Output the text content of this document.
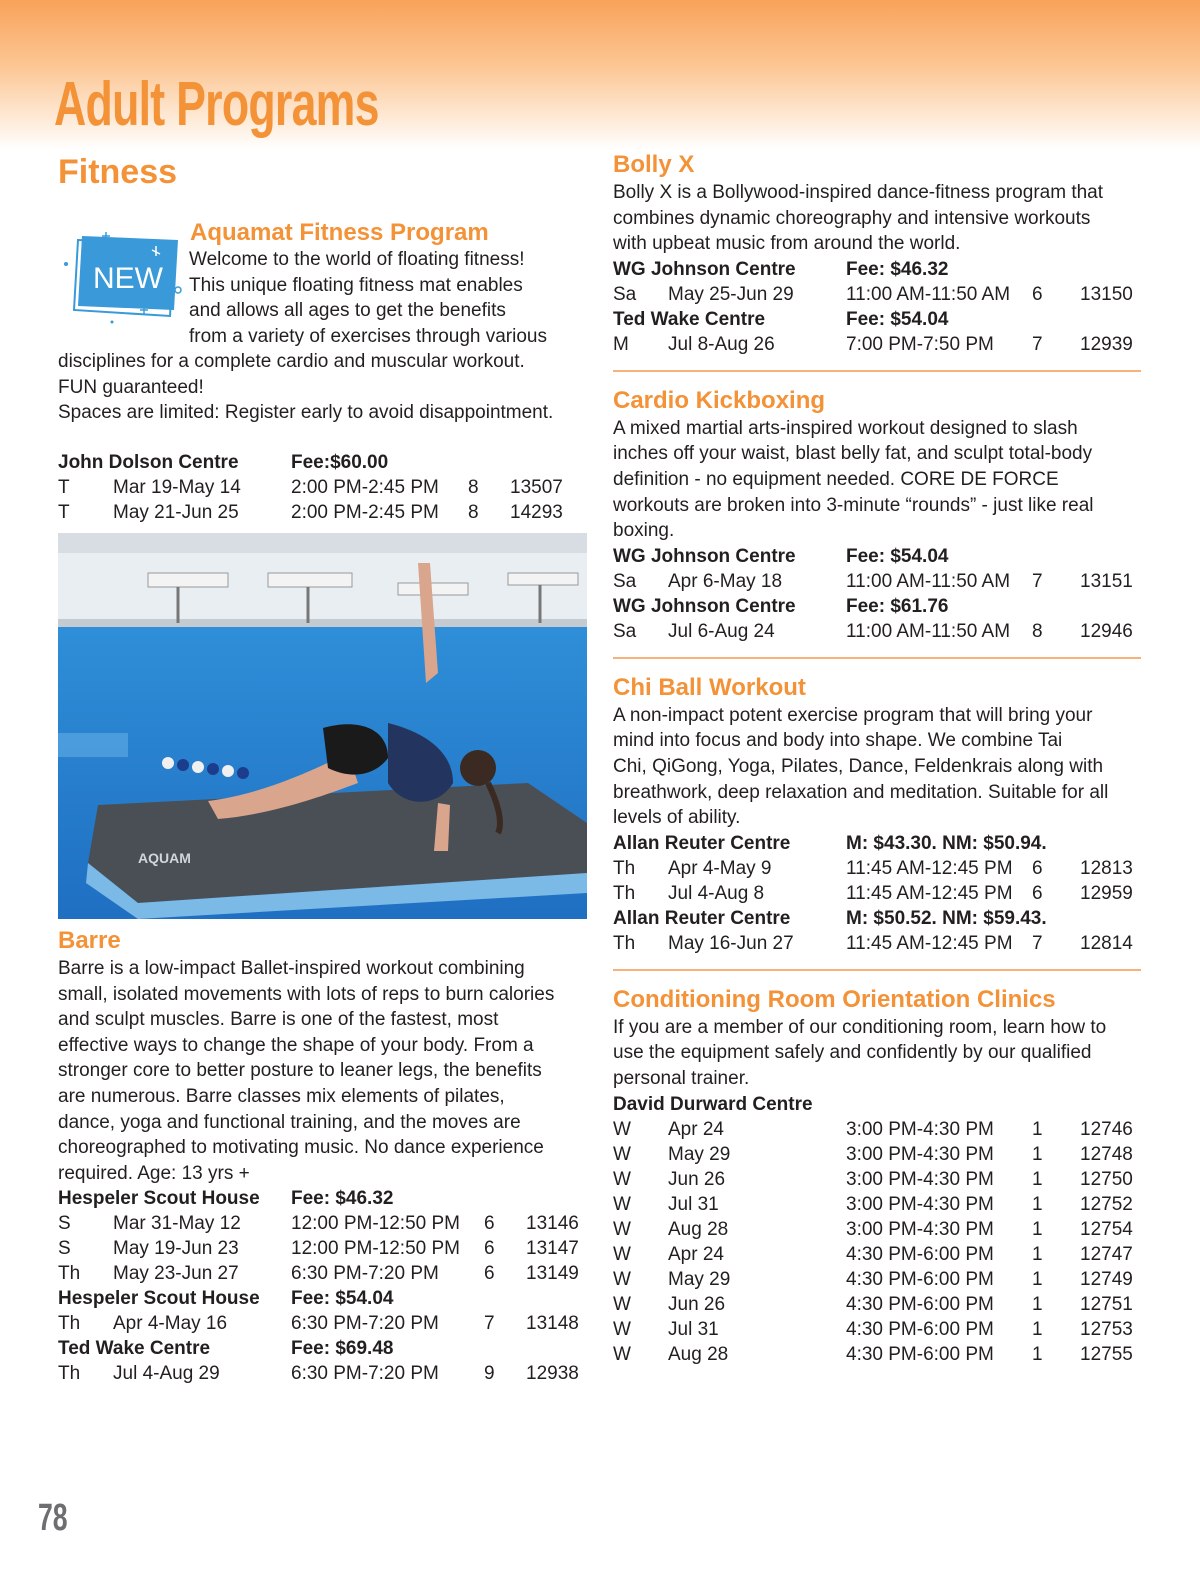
Adult Programs
Fitness
NEW
Aquamat Fitness Program

Welcome to the world of floating fitness!

This unique floating fitness mat enables

and allows all ages to get the benefits

from a variety of exercises through various

disciplines for a complete cardio and muscular workout.

FUN guaranteed!

Spaces are limited: Register early to avoid disappointment.

John Dolson Centre	Fee:$60.00
T	Mar 19-May 14	2:00 PM-2:45 PM	8	13507
T	May 21-Jun 25	2:00 PM-2:45 PM	8	14293
AQUAM
Barre

Barre is a low-impact Ballet-inspired workout combining

small, isolated movements with lots of reps to burn calories

and sculpt muscles. Barre is one of the fastest, most

effective ways to change the shape of your body. From a

stronger core to better posture to leaner legs, the benefits

are numerous. Barre classes mix elements of pilates,

dance, yoga and functional training, and the moves are

choreographed to motivating music. No dance experience

required. Age: 13 yrs +

Hespeler Scout House	Fee: $46.32
S	Mar 31-May 12	12:00 PM-12:50 PM	6	13146
S	May 19-Jun 23	12:00 PM-12:50 PM	6	13147
Th	May 23-Jun 27	6:30 PM-7:20 PM	6	13149
Hespeler Scout House	Fee: $54.04
Th	Apr 4-May 16	6:30 PM-7:20 PM	7	13148
Ted Wake Centre	Fee: $69.48
Th	Jul 4-Aug 29	6:30 PM-7:20 PM	9	12938
Bolly X

Bolly X is a Bollywood-inspired dance-fitness program that

combines dynamic choreography and intensive workouts

with upbeat music from around the world.

WG Johnson Centre	Fee: $46.32
Sa	May 25-Jun 29	11:00 AM-11:50 AM	6	13150
Ted Wake Centre	Fee: $54.04
M	Jul 8-Aug 26	7:00 PM-7:50 PM	7	12939
Cardio Kickboxing

A mixed martial arts-inspired workout designed to slash

inches off your waist, blast belly fat, and sculpt total-body

definition - no equipment needed. CORE DE FORCE

workouts are broken into 3-minute “rounds” - just like real

boxing.

WG Johnson Centre	Fee: $54.04
Sa	Apr 6-May 18	11:00 AM-11:50 AM	7	13151
WG Johnson Centre	Fee: $61.76
Sa	Jul 6-Aug 24	11:00 AM-11:50 AM	8	12946
Chi Ball Workout

A non-impact potent exercise program that will bring your

mind into focus and body into shape. We combine Tai

Chi, QiGong, Yoga, Pilates, Dance, Feldenkrais along with

breathwork, deep relaxation and meditation. Suitable for all

levels of ability.

Allan Reuter Centre	M: $43.30. NM: $50.94.
Th	Apr 4-May 9	11:45 AM-12:45 PM	6	12813
Th	Jul 4-Aug 8	11:45 AM-12:45 PM	6	12959
Allan Reuter Centre	M: $50.52. NM: $59.43.
Th	May 16-Jun 27	11:45 AM-12:45 PM	7	12814
Conditioning Room Orientation Clinics

If you are a member of our conditioning room, learn how to

use the equipment safely and confidently by our qualified

personal trainer.

David Durward Centre
W	Apr 24	3:00 PM-4:30 PM	1	12746
W	May 29	3:00 PM-4:30 PM	1	12748
W	Jun 26	3:00 PM-4:30 PM	1	12750
W	Jul 31	3:00 PM-4:30 PM	1	12752
W	Aug 28	3:00 PM-4:30 PM	1	12754
W	Apr 24	4:30 PM-6:00 PM	1	12747
W	May 29	4:30 PM-6:00 PM	1	12749
W	Jun 26	4:30 PM-6:00 PM	1	12751
W	Jul 31	4:30 PM-6:00 PM	1	12753
W	Aug 28	4:30 PM-6:00 PM	1	12755
78
